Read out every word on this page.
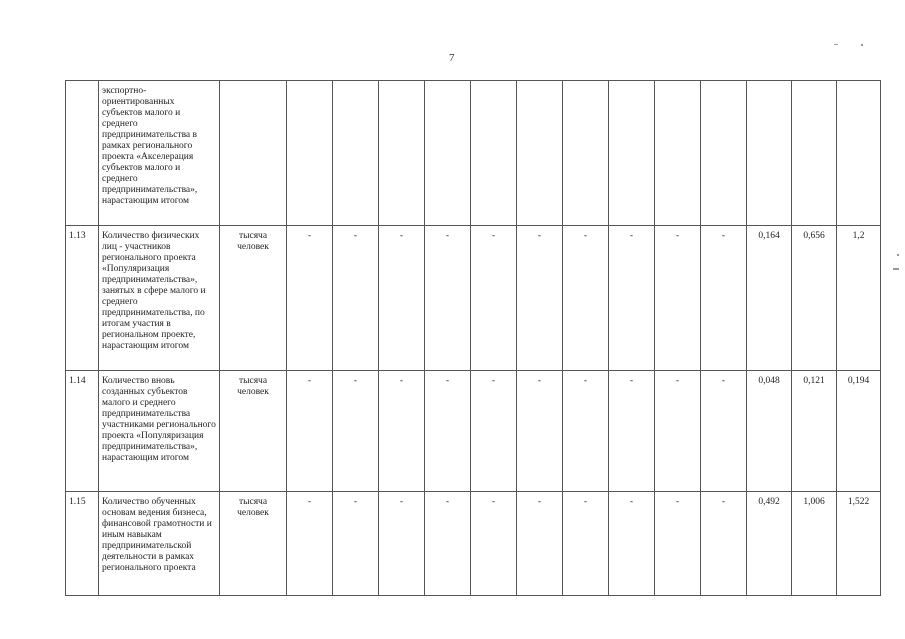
7
	экспортно-ориентированных субъектов малого и среднего предпринимательства в рамках регионального проекта «Акселерация субъектов малого и среднего предпринимательства», нарастающим итогом														
1.13	Количество физических лиц - участников регионального проекта «Популяризация предпринимательства», занятых в сфере малого и среднего предпринимательства, по итогам участия в региональном проекте, нарастающим итогом	тысяча человек	-	-	-	-	-	-	-	-	-	-	0,164	0,656	1,2
1.14	Количество вновь созданных субъектов малого и среднего предпринимательства участниками регионального проекта «Популяризация предпринимательства», нарастающим итогом	тысяча человек	-	-	-	-	-	-	-	-	-	-	0,048	0,121	0,194
1.15	Количество обученных основам ведения бизнеса, финансовой грамотности и иным навыкам предпринимательской деятельности в рамках регионального проекта	тысяча человек	-	-	-	-	-	-	-	-	-	-	0,492	1,006	1,522
